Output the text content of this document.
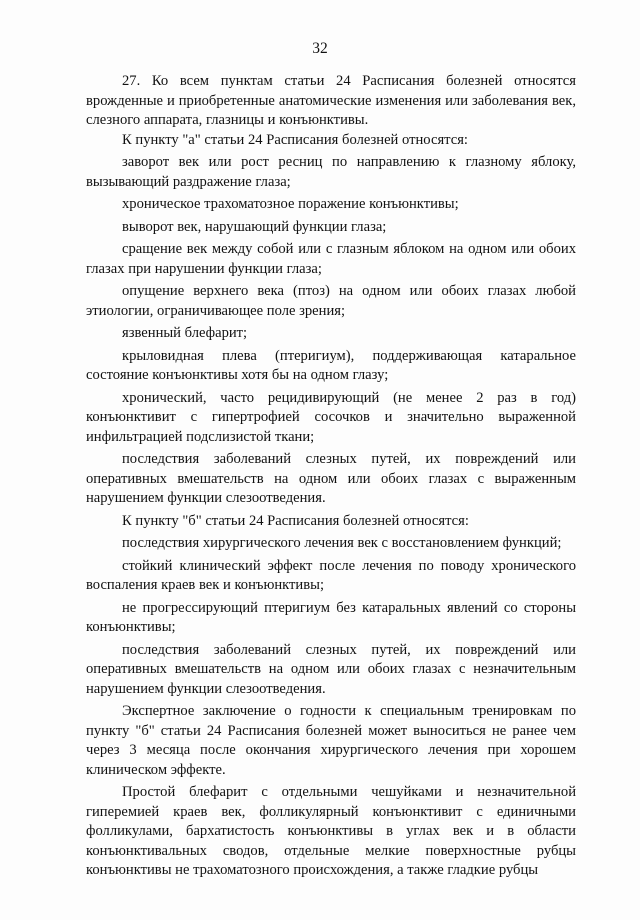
32

27. Ко всем пунктам статьи 24 Расписания болезней относятся врожденные и приобретенные анатомические изменения или заболевания век, слезного аппарата, глазницы и конъюнктивы.

К пункту "а" статьи 24 Расписания болезней относятся:

заворот век или рост ресниц по направлению к глазному яблоку, вызывающий раздражение глаза;

хроническое трахоматозное поражение конъюнктивы;

выворот век, нарушающий функции глаза;

сращение век между собой или с глазным яблоком на одном или обоих глазах при нарушении функции глаза;

опущение верхнего века (птоз) на одном или обоих глазах любой этиологии, ограничивающее поле зрения;

язвенный блефарит;

крыловидная плева (птеригиум), поддерживающая катаральное состояние конъюнктивы хотя бы на одном глазу;

хронический, часто рецидивирующий (не менее 2 раз в год) конъюнктивит с гипертрофией сосочков и значительно выраженной инфильтрацией подслизистой ткани;

последствия заболеваний слезных путей, их повреждений или оперативных вмешательств на одном или обоих глазах с выраженным нарушением функции слезоотведения.

К пункту "б" статьи 24 Расписания болезней относятся:

последствия хирургического лечения век с восстановлением функций;

стойкий клинический эффект после лечения по поводу хронического воспаления краев век и конъюнктивы;

не прогрессирующий птеригиум без катаральных явлений со стороны конъюнктивы;

последствия заболеваний слезных путей, их повреждений или оперативных вмешательств на одном или обоих глазах с незначительным нарушением функции слезоотведения.

Экспертное заключение о годности к специальным тренировкам по пункту "б" статьи 24 Расписания болезней может выноситься не ранее чем через 3 месяца после окончания хирургического лечения при хорошем клиническом эффекте.

Простой блефарит с отдельными чешуйками и незначительной гиперемией краев век, фолликулярный конъюнктивит с единичными фолликулами, бархатистость конъюнктивы в углах век и в области конъюнктивальных сводов, отдельные мелкие поверхностные рубцы конъюнктивы не трахоматозного происхождения, а также гладкие рубцы
